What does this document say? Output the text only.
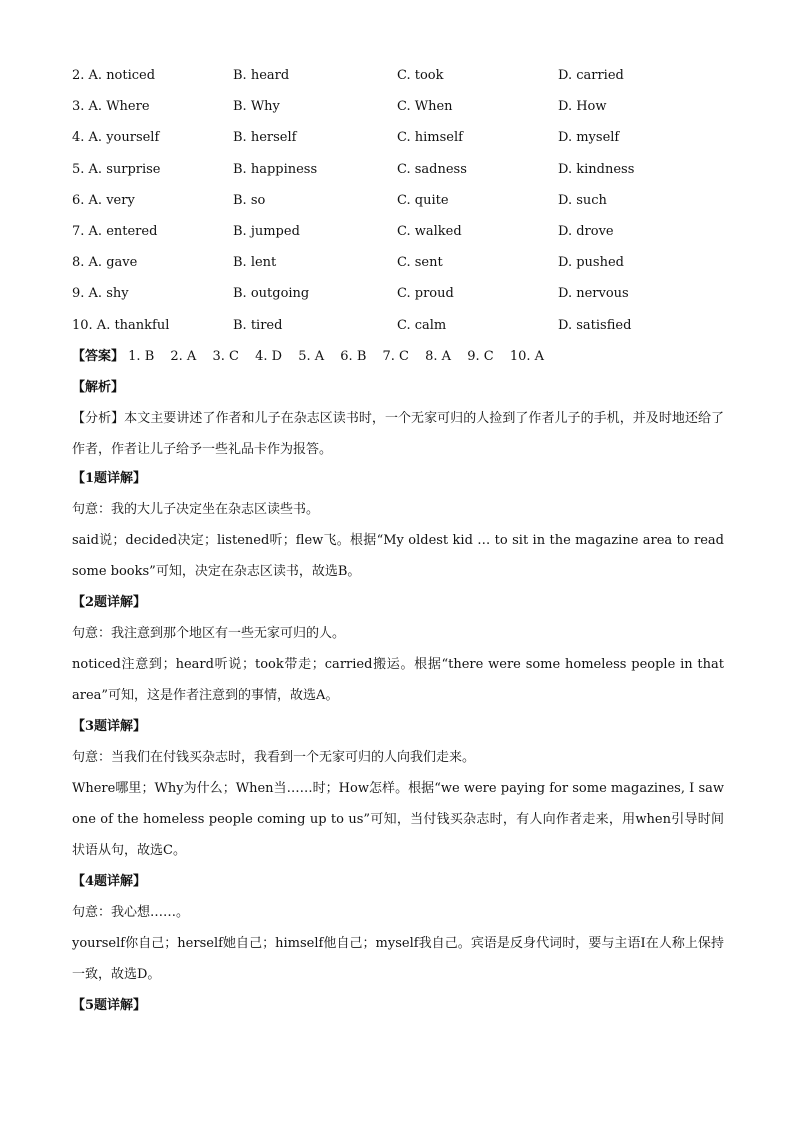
2. A. noticed	B. heard	C. took	D. carried
3. A. Where	B. Why	C. When	D. How
4. A. yourself	B. herself	C. himself	D. myself
5. A. surprise	B. happiness	C. sadness	D. kindness
6. A. very	B. so	C. quite	D. such
7. A. entered	B. jumped	C. walked	D. drove
8. A. gave	B. lent	C. sent	D. pushed
9. A. shy	B. outgoing	C. proud	D. nervous
10. A. thankful	B. tired	C. calm	D. satisfied
【答案】 1. B 2. A 3. C 4. D 5. A 6. B 7. C 8. A 9. C 10. A
【解析】
【分析】本文主要讲述了作者和儿子在杂志区读书时，一个无家可归的人捡到了作者儿子的手机，并及时地还给了作者，作者让儿子给予一些礼品卡作为报答。
【1题详解】
句意：我的大儿子决定坐在杂志区读些书。
said说；decided决定；listened听；flew飞。根据“My oldest kid … to sit in the magazine area to read some books”可知，决定在杂志区读书，故选B。
【2题详解】
句意：我注意到那个地区有一些无家可归的人。
noticed注意到；heard听说；took带走；carried搬运。根据“there were some homeless people in that area”可知，这是作者注意到的事情，故选A。
【3题详解】
句意：当我们在付钱买杂志时，我看到一个无家可归的人向我们走来。
Where哪里；Why为什么；When当……时；How怎样。根据“we were paying for some magazines, I saw one of the homeless people coming up to us”可知，当付钱买杂志时，有人向作者走来，用when引导时间状语从句，故选C。
【4题详解】
句意：我心想……。
yourself你自己；herself她自己；himself他自己；myself我自己。宾语是反身代词时，要与主语I在人称上保持一致，故选D。
【5题详解】
